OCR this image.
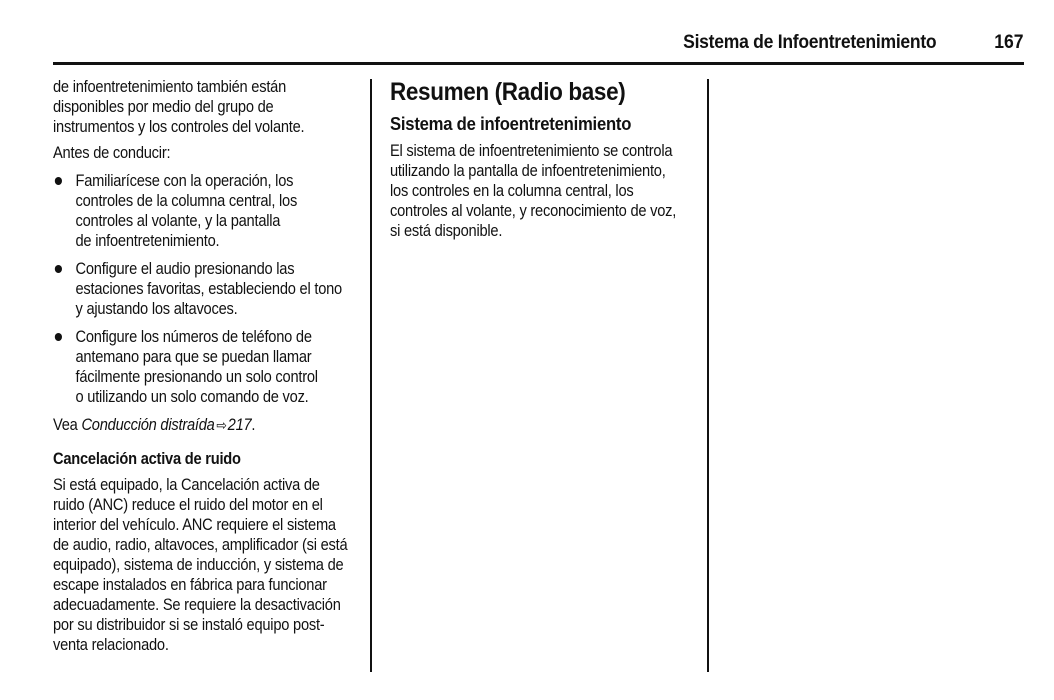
Sistema de Infoentretenimiento	167

de infoentretenimiento también están
disponibles por medio del grupo de
instrumentos y los controles del volante.

Antes de conducir:

Familiarícese con la operación, los
controles de la columna central, los
controles al volante, y la pantalla
de infoentretenimiento.
Configure el audio presionando las
estaciones favoritas, estableciendo el tono
y ajustando los altavoces.
Configure los números de teléfono de
antemano para que se puedan llamar
fácilmente presionando un solo control
o utilizando un solo comando de voz.

Vea Conducción distraída ⇨217.

Cancelación activa de ruido

Si está equipado, la Cancelación activa de
ruido (ANC) reduce el ruido del motor en el
interior del vehículo. ANC requiere el sistema
de audio, radio, altavoces, amplificador (si está
equipado), sistema de inducción, y sistema de
escape instalados en fábrica para funcionar
adecuadamente. Se requiere la desactivación
por su distribuidor si se instaló equipo post-
venta relacionado.

Resumen (Radio base)

Sistema de infoentretenimiento

El sistema de infoentretenimiento se controla
utilizando la pantalla de infoentretenimiento,
los controles en la columna central, los
controles al volante, y reconocimiento de voz,
si está disponible.
